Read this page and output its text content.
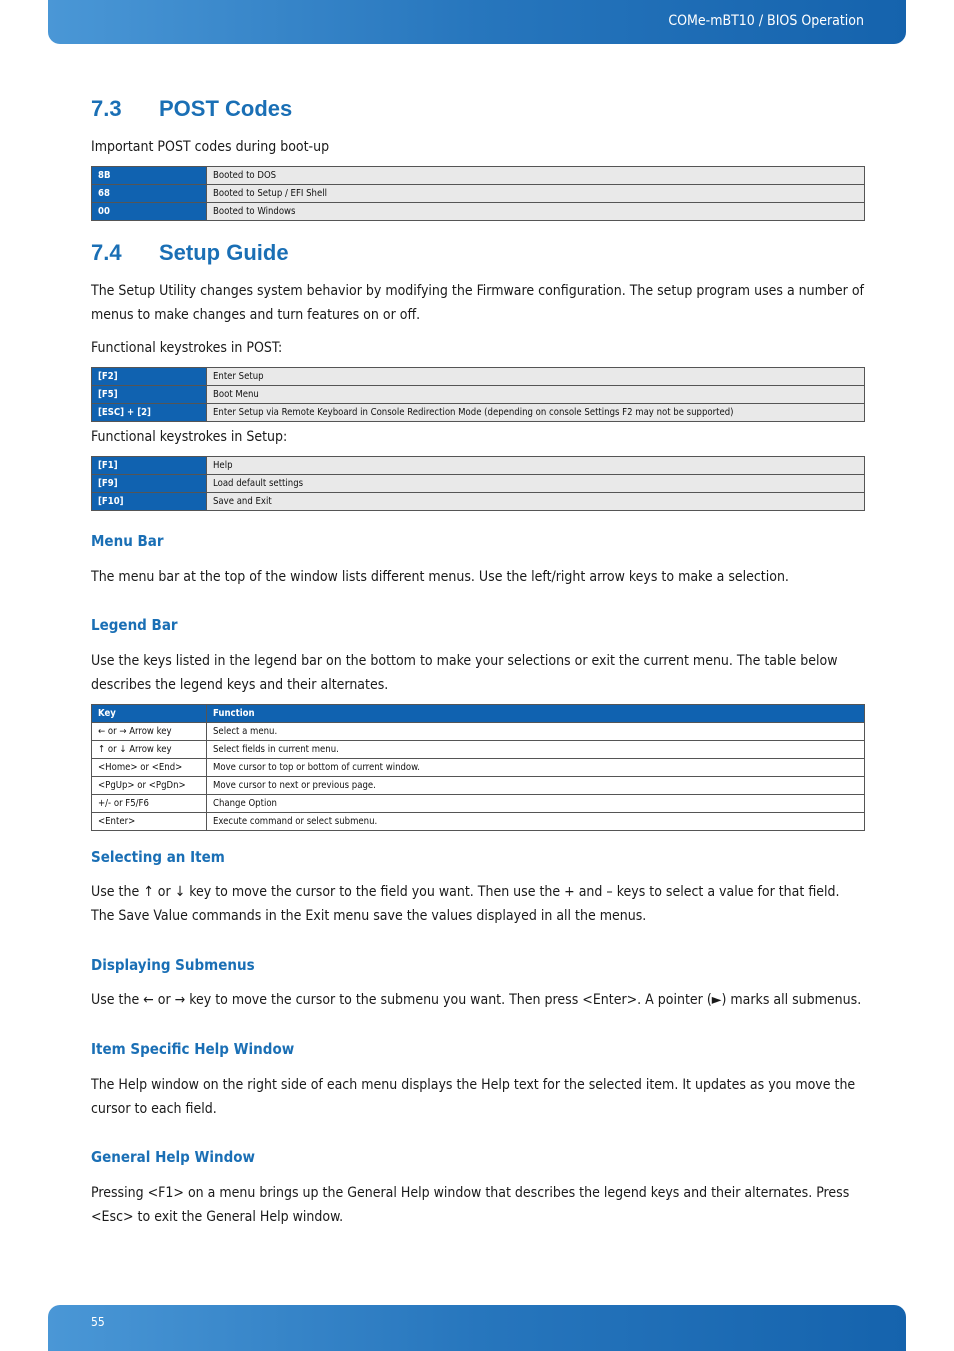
COMe-mBT10 / BIOS Operation
7.3 POST Codes

Important POST codes during boot-up

8B	Booted to DOS
68	Booted to Setup / EFI Shell
00	Booted to Windows
7.4 Setup Guide

The Setup Utility changes system behavior by modifying the Firmware configuration. The setup program uses a number of menus to make changes and turn features on or off.

Functional keystrokes in POST:

[F2]	Enter Setup
[F5]	Boot Menu
[ESC] + [2]	Enter Setup via Remote Keyboard in Console Redirection Mode (depending on console Settings F2 may not be supported)

Functional keystrokes in Setup:

[F1]	Help
[F9]	Load default settings
[F10]	Save and Exit
Menu Bar

The menu bar at the top of the window lists different menus. Use the left/right arrow keys to make a selection.

Legend Bar

Use the keys listed in the legend bar on the bottom to make your selections or exit the current menu. The table below describes the legend keys and their alternates.

Key	Function
← or → Arrow key	Select a menu.
↑ or ↓ Arrow key	Select fields in current menu.
<Home> or <End>	Move cursor to top or bottom of current window.
<PgUp> or <PgDn>	Move cursor to next or previous page.
+/- or F5/F6	Change Option
<Enter>	Execute command or select submenu.
Selecting an Item

Use the ↑ or ↓ key to move the cursor to the field you want. Then use the + and – keys to select a value for that field. The Save Value commands in the Exit menu save the values displayed in all the menus.

Displaying Submenus

Use the ← or → key to move the cursor to the submenu you want. Then press <Enter>. A pointer (►) marks all submenus.

Item Specific Help Window

The Help window on the right side of each menu displays the Help text for the selected item. It updates as you move the cursor to each field.

General Help Window

Pressing <F1> on a menu brings up the General Help window that describes the legend keys and their alternates. Press <Esc> to exit the General Help window.

55
